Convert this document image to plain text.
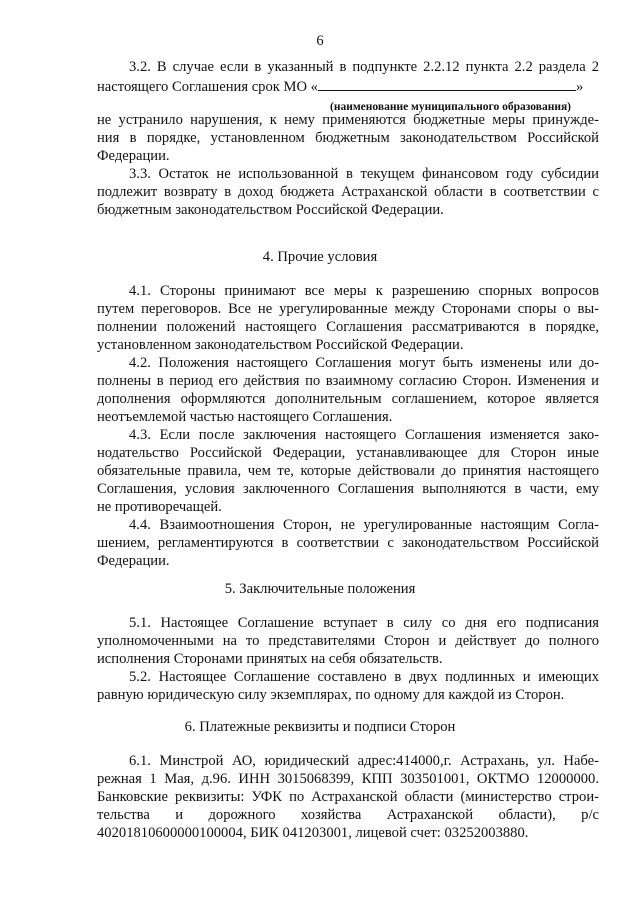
6
3.2. В случае если в указанный в подпункте 2.2.12 пункта 2.2 раздела 2
настоящего Соглашения срок МО «	»
(наименование муниципального образования)
не устранило нарушения, к нему применяются бюджетные меры принужде-
ния в порядке, установленном бюджетным законодательством Российской
Федерации.
3.3. Остаток не использованной в текущем финансовом году субсидии
подлежит возврату в доход бюджета Астраханской области в соответствии с
бюджетным законодательством Российской Федерации.
4. Прочие условия
4.1. Стороны принимают все меры к разрешению спорных вопросов
путем переговоров. Все не урегулированные между Сторонами споры о вы-
полнении положений настоящего Соглашения рассматриваются в порядке,
установленном законодательством Российской Федерации.
4.2. Положения настоящего Соглашения могут быть изменены или до-
полнены в период его действия по взаимному согласию Сторон. Изменения и
дополнения оформляются дополнительным соглашением, которое является
неотъемлемой частью настоящего Соглашения.
4.3. Если после заключения настоящего Соглашения изменяется зако-
нодательство Российской Федерации, устанавливающее для Сторон иные
обязательные правила, чем те, которые действовали до принятия настоящего
Соглашения, условия заключенного Соглашения выполняются в части, ему
не противоречащей.
4.4. Взаимоотношения Сторон, не урегулированные настоящим Согла-
шением, регламентируются в соответствии с законодательством Российской
Федерации.
5. Заключительные положения
5.1. Настоящее Соглашение вступает в силу со дня его подписания
уполномоченными на то представителями Сторон и действует до полного
исполнения Сторонами принятых на себя обязательств.
5.2. Настоящее Соглашение составлено в двух подлинных и имеющих
равную юридическую силу экземплярах, по одному для каждой из Сторон.
6. Платежные реквизиты и подписи Сторон
6.1. Минстрой АО, юридический адрес:414000,г. Астрахань, ул. Набе-
режная 1 Мая, д.96. ИНН 3015068399, КПП 303501001, ОКТМО 12000000.
Банковские реквизиты: УФК по Астраханской области (министерство строи-
тельства и дорожного хозяйства Астраханской области), р/с
40201810600000100004, БИК 041203001, лицевой счет: 03252003880.
